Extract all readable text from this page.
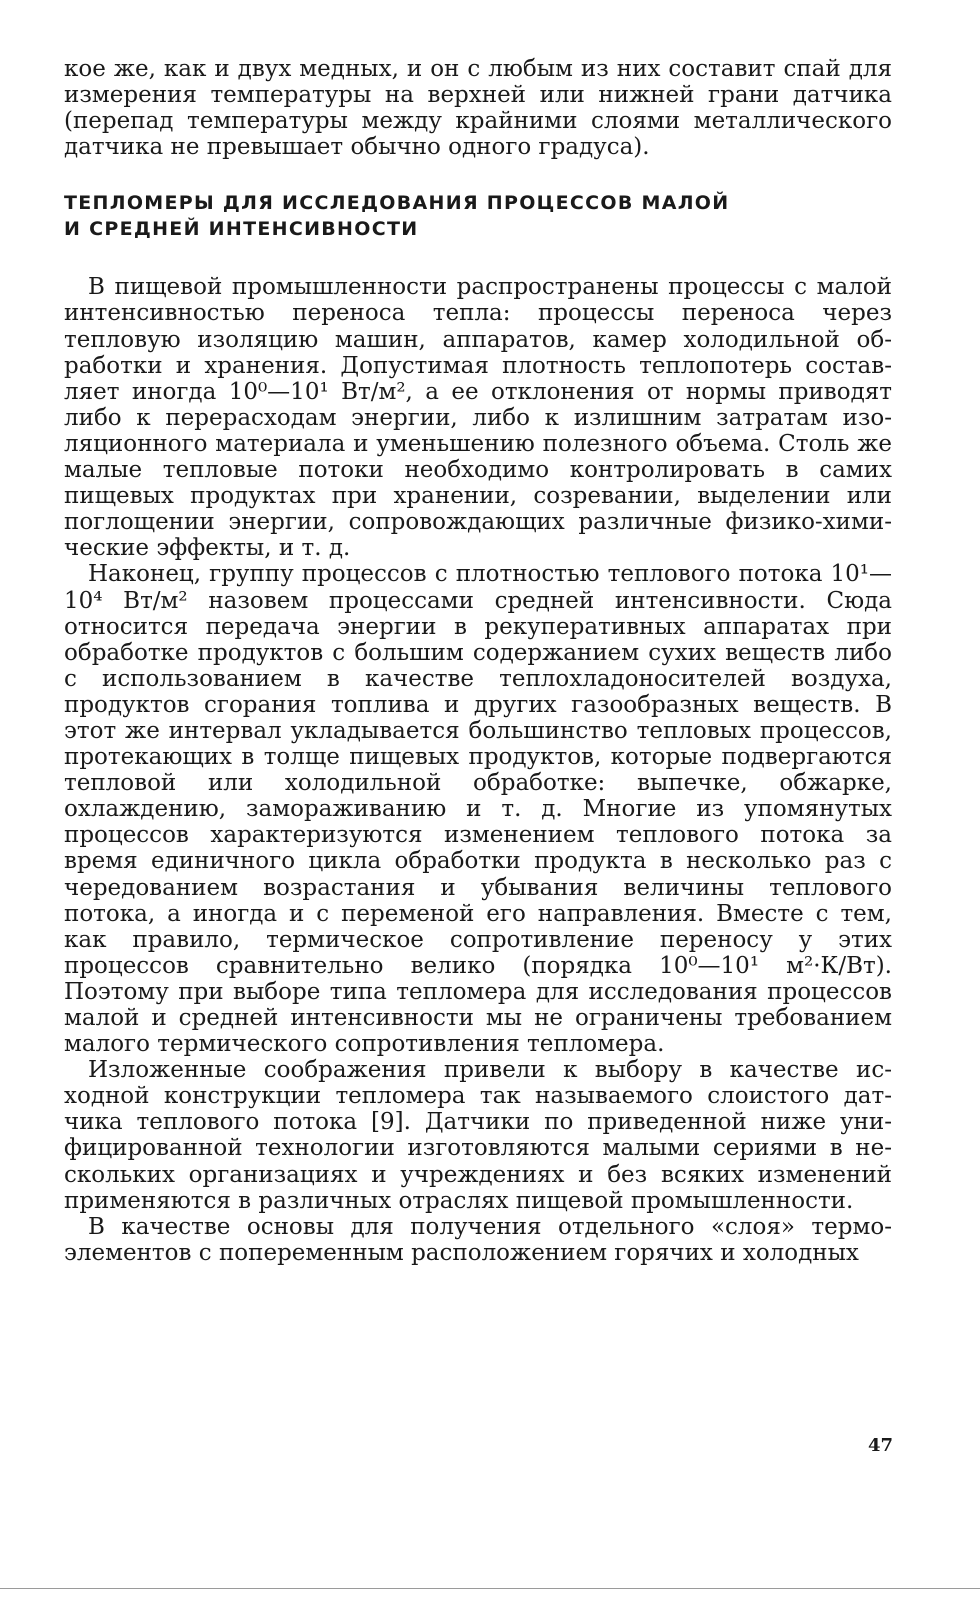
кое же, как и двух медных, и он с любым из них составит спай для измерения температуры на верхней или нижней грани датчика (перепад температуры между крайними слоями металлического датчика не превышает обычно одного градуса).

ТЕПЛОМЕРЫ ДЛЯ ИССЛЕДОВАНИЯ ПРОЦЕССОВ МАЛОЙ
И СРЕДНЕЙ ИНТЕНСИВНОСТИ

В пищевой промышленности распространены процессы с малой интенсивностью переноса тепла: процессы переноса через тепловую изоляцию машин, аппаратов, камер холодильной обработки и хранения. Допустимая плотность теплопотерь составляет иногда 10⁰—10¹ Вт/м², а ее отклонения от нормы приводят либо к перерасходам энергии, либо к излишним затратам изоляционного материала и уменьшению полезного объема. Столь же малые тепловые потоки необходимо контролировать в самих пищевых продуктах при хранении, созревании, выделении или поглощении энергии, сопровождающих различные физико-химические эффекты, и т. д.

Наконец, группу процессов с плотностью теплового потока 10¹—10⁴ Вт/м² назовем процессами средней интенсивности. Сюда относится передача энергии в рекуперативных аппаратах при обработке продуктов с большим содержанием сухих веществ либо с использованием в качестве теплохладоносителей воздуха, продуктов сгорания топлива и других газообразных веществ. В этот же интервал укладывается большинство тепловых процессов, протекающих в толще пищевых продуктов, которые подвергаются тепловой или холодильной обработке: выпечке, обжарке, охлаждению, замораживанию и т. д. Многие из упомянутых процессов характеризуются изменением теплового потока за время единичного цикла обработки продукта в несколько раз с чередованием возрастания и убывания величины теплового потока, а иногда и с переменой его направления. Вместе с тем, как правило, термическое сопротивление переносу у этих процессов сравнительно велико (порядка 10⁰—10¹ м²·К/Вт). Поэтому при выборе типа тепломера для исследования процессов малой и средней интенсивности мы не ограничены требованием малого термического сопротивления тепломера.

Изложенные соображения привели к выбору в качестве исходной конструкции тепломера так называемого слоистого датчика теплового потока [9]. Датчики по приведенной ниже унифицированной технологии изготовляются малыми сериями в нескольких организациях и учреждениях и без всяких изменений применяются в различных отраслях пищевой промышленности.

В качестве основы для получения отдельного «слоя» термоэлементов с попеременным расположением горячих и холодных

47
